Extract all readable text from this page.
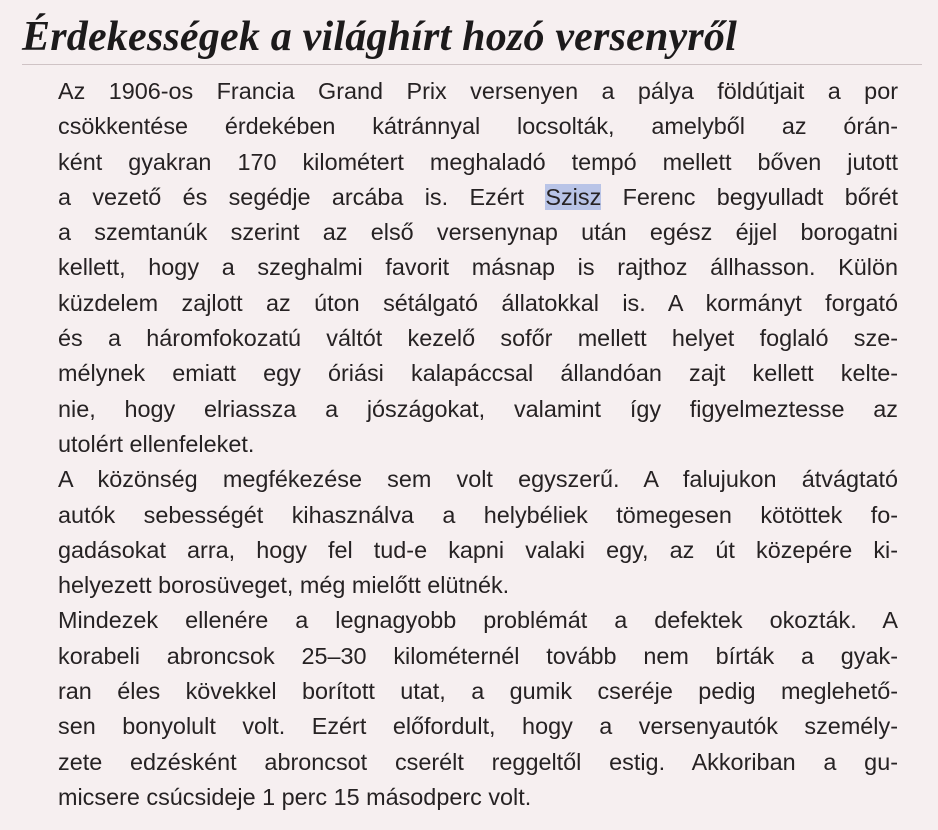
Érdekességek a világhírt hozó versenyről
Az 1906-os Francia Grand Prix versenyen a pálya földútjait a por
csökkentése érdekében kátránnyal locsolták, amelyből az órán-
ként gyakran 170 kilométert meghaladó tempó mellett bőven jutott
a vezető és segédje arcába is. Ezért Szisz Ferenc begyulladt bőrét
a szemtanúk szerint az első versenynap után egész éjjel borogatni
kellett, hogy a szeghalmi favorit másnap is rajthoz állhasson. Külön
küzdelem zajlott az úton sétálgató állatokkal is. A kormányt forgató
és a háromfokozatú váltót kezelő sofőr mellett helyet foglaló sze-
mélynek emiatt egy óriási kalapáccsal állandóan zajt kellett kelte-
nie, hogy elriassza a jószágokat, valamint így figyelmeztesse az
utolért ellenfeleket.
A közönség megfékezése sem volt egyszerű. A falujukon átvágtató
autók sebességét kihasználva a helybéliek tömegesen kötöttek fo-
gadásokat arra, hogy fel tud-e kapni valaki egy, az út közepére ki-
helyezett borosüveget, még mielőtt elütnék.
Mindezek ellenére a legnagyobb problémát a defektek okozták. A
korabeli abroncsok 25–30 kilométernél tovább nem bírták a gyak-
ran éles kövekkel borított utat, a gumik cseréje pedig meglehető-
sen bonyolult volt. Ezért előfordult, hogy a versenyautók személy-
zete edzésként abroncsot cserélt reggeltől estig. Akkoriban a gu-
micsere csúcsideje 1 perc 15 másodperc volt.
